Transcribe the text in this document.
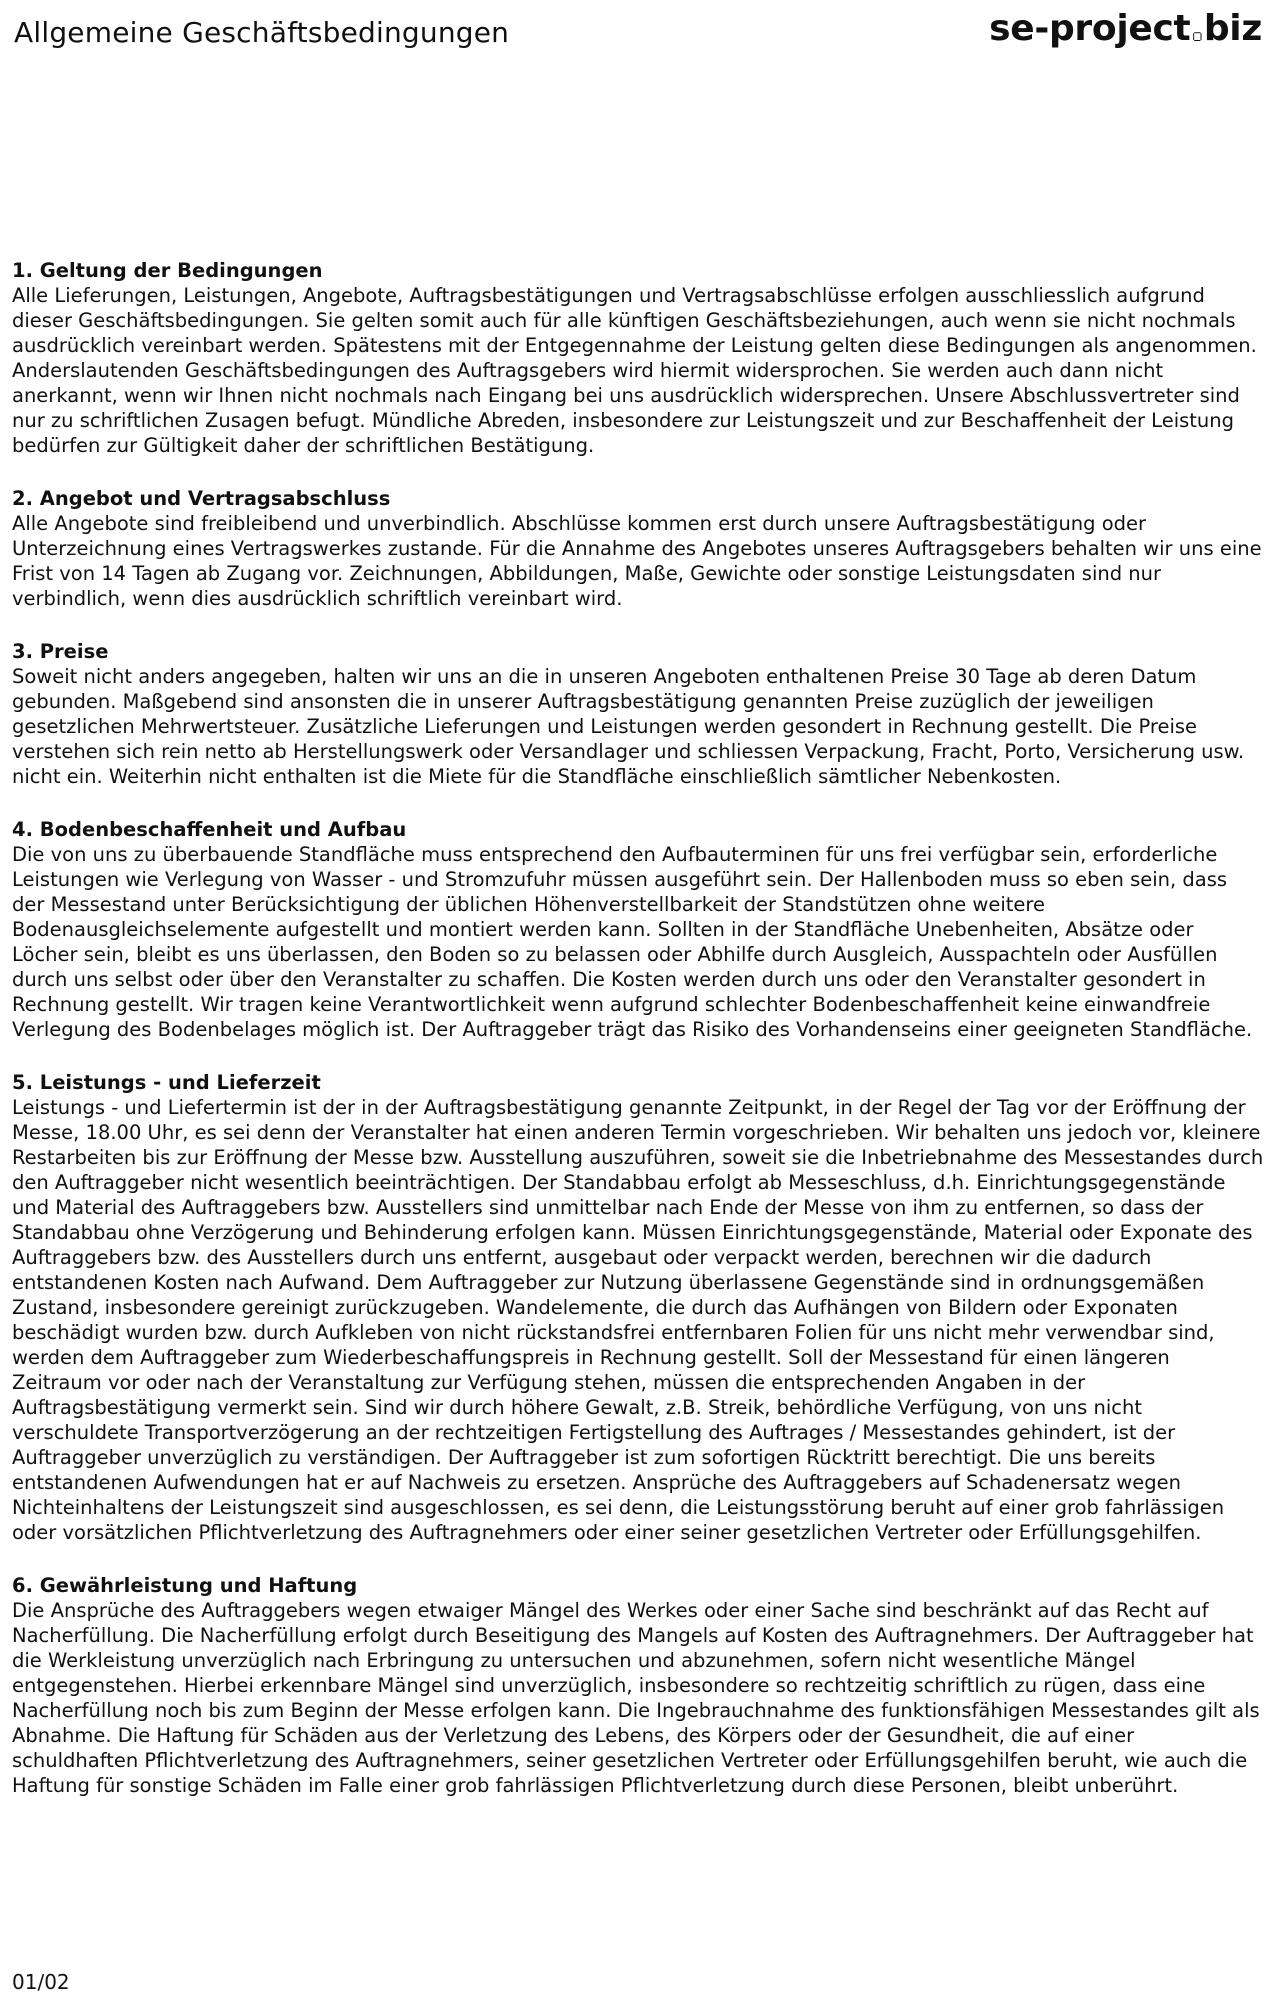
Allgemeine Geschäftsbedingungen	se-project.biz

1. Geltung der Bedingungen

Alle Lieferungen, Leistungen, Angebote, Auftragsbestätigungen und Vertragsabschlüsse erfolgen ausschliesslich aufgrund dieser Geschäftsbedingungen. Sie gelten somit auch für alle künftigen Geschäftsbeziehungen, auch wenn sie nicht nochmals ausdrücklich vereinbart werden. Spätestens mit der Entgegennahme der Leistung gelten diese Bedingungen als angenommen. Anderslautenden Geschäftsbedingungen des Auftragsgebers wird hiermit widersprochen. Sie werden auch dann nicht anerkannt, wenn wir Ihnen nicht nochmals nach Eingang bei uns ausdrücklich widersprechen. Unsere Abschlussvertreter sind nur zu schriftlichen Zusagen befugt. Mündliche Abreden, insbesondere zur Leistungszeit und zur Beschaffenheit der Leistung bedürfen zur Gültigkeit daher der schriftlichen Bestätigung.

2. Angebot und Vertragsabschluss

Alle Angebote sind freibleibend und unverbindlich. Abschlüsse kommen erst durch unsere Auftragsbestätigung oder Unterzeichnung eines Vertragswerkes zustande. Für die Annahme des Angebotes unseres Auftragsgebers behalten wir uns eine Frist von 14 Tagen ab Zugang vor. Zeichnungen, Abbildungen, Maße, Gewichte oder sonstige Leistungsdaten sind nur verbindlich, wenn dies ausdrücklich schriftlich vereinbart wird.

3. Preise

Soweit nicht anders angegeben, halten wir uns an die in unseren Angeboten enthaltenen Preise 30 Tage ab deren Datum gebunden. Maßgebend sind ansonsten die in unserer Auftragsbestätigung genannten Preise zuzüglich der jeweiligen gesetzlichen Mehrwertsteuer. Zusätzliche Lieferungen und Leistungen werden gesondert in Rechnung gestellt. Die Preise verstehen sich rein netto ab Herstellungswerk oder Versandlager und schliessen Verpackung, Fracht, Porto, Versicherung usw. nicht ein. Weiterhin nicht enthalten ist die Miete für die Standfläche einschließlich sämtlicher Nebenkosten.

4. Bodenbeschaffenheit und Aufbau

Die von uns zu überbauende Standfläche muss entsprechend den Aufbauterminen für uns frei verfügbar sein, erforderliche Leistungen wie Verlegung von Wasser - und Stromzufuhr müssen ausgeführt sein. Der Hallenboden muss so eben sein, dass der Messestand unter Berücksichtigung der üblichen Höhenverstellbarkeit der Standstützen ohne weitere Bodenausgleichselemente aufgestellt und montiert werden kann. Sollten in der Standfläche Unebenheiten, Absätze oder Löcher sein, bleibt es uns überlassen, den Boden so zu belassen oder Abhilfe durch Ausgleich, Ausspachteln oder Ausfüllen durch uns selbst oder über den Veranstalter zu schaffen. Die Kosten werden durch uns oder den Veranstalter gesondert in Rechnung gestellt. Wir tragen keine Verantwortlichkeit wenn aufgrund schlechter Bodenbeschaffenheit keine einwandfreie Verlegung des Bodenbelages möglich ist. Der Auftraggeber trägt das Risiko des Vorhandenseins einer geeigneten Standfläche.

5. Leistungs - und Lieferzeit

Leistungs - und Liefertermin ist der in der Auftragsbestätigung genannte Zeitpunkt, in der Regel der Tag vor der Eröffnung der Messe, 18.00 Uhr, es sei denn der Veranstalter hat einen anderen Termin vorgeschrieben. Wir behalten uns jedoch vor, kleinere Restarbeiten bis zur Eröffnung der Messe bzw. Ausstellung auszuführen, soweit sie die Inbetriebnahme des Messestandes durch den Auftraggeber nicht wesentlich beeinträchtigen. Der Standabbau erfolgt ab Messeschluss, d.h. Einrichtungsgegenstände und Material des Auftraggebers bzw. Ausstellers sind unmittelbar nach Ende der Messe von ihm zu entfernen, so dass der Standabbau ohne Verzögerung und Behinderung erfolgen kann. Müssen Einrichtungsgegenstände, Material oder Exponate des Auftraggebers bzw. des Ausstellers durch uns entfernt, ausgebaut oder verpackt werden, berechnen wir die dadurch entstandenen Kosten nach Aufwand. Dem Auftraggeber zur Nutzung überlassene Gegenstände sind in ordnungsgemäßen Zustand, insbesondere gereinigt zurückzugeben. Wandelemente, die durch das Aufhängen von Bildern oder Exponaten beschädigt wurden bzw. durch Aufkleben von nicht rückstandsfrei entfernbaren Folien für uns nicht mehr verwendbar sind, werden dem Auftraggeber zum Wiederbeschaffungspreis in Rechnung gestellt. Soll der Messestand für einen längeren Zeitraum vor oder nach der Veranstaltung zur Verfügung stehen, müssen die entsprechenden Angaben in der Auftragsbestätigung vermerkt sein. Sind wir durch höhere Gewalt, z.B. Streik, behördliche Verfügung, von uns nicht verschuldete Transportverzögerung an der rechtzeitigen Fertigstellung des Auftrages / Messestandes gehindert, ist der Auftraggeber unverzüglich zu verständigen. Der Auftraggeber ist zum sofortigen Rücktritt berechtigt. Die uns bereits entstandenen Aufwendungen hat er auf Nachweis zu ersetzen. Ansprüche des Auftraggebers auf Schadenersatz wegen Nichteinhaltens der Leistungszeit sind ausgeschlossen, es sei denn, die Leistungsstörung beruht auf einer grob fahrlässigen oder vorsätzlichen Pflichtverletzung des Auftragnehmers oder einer seiner gesetzlichen Vertreter oder Erfüllungsgehilfen.

6. Gewährleistung und Haftung

Die Ansprüche des Auftraggebers wegen etwaiger Mängel des Werkes oder einer Sache sind beschränkt auf das Recht auf Nacherfüllung. Die Nacherfüllung erfolgt durch Beseitigung des Mangels auf Kosten des Auftragnehmers. Der Auftraggeber hat die Werkleistung unverzüglich nach Erbringung zu untersuchen und abzunehmen, sofern nicht wesentliche Mängel entgegenstehen. Hierbei erkennbare Mängel sind unverzüglich, insbesondere so rechtzeitig schriftlich zu rügen, dass eine Nacherfüllung noch bis zum Beginn der Messe erfolgen kann. Die Ingebrauchnahme des funktionsfähigen Messestandes gilt als Abnahme. Die Haftung für Schäden aus der Verletzung des Lebens, des Körpers oder der Gesundheit, die auf einer schuldhaften Pflichtverletzung des Auftragnehmers, seiner gesetzlichen Vertreter oder Erfüllungsgehilfen beruht, wie auch die Haftung für sonstige Schäden im Falle einer grob fahrlässigen Pflichtverletzung durch diese Personen, bleibt unberührt.

01/02
